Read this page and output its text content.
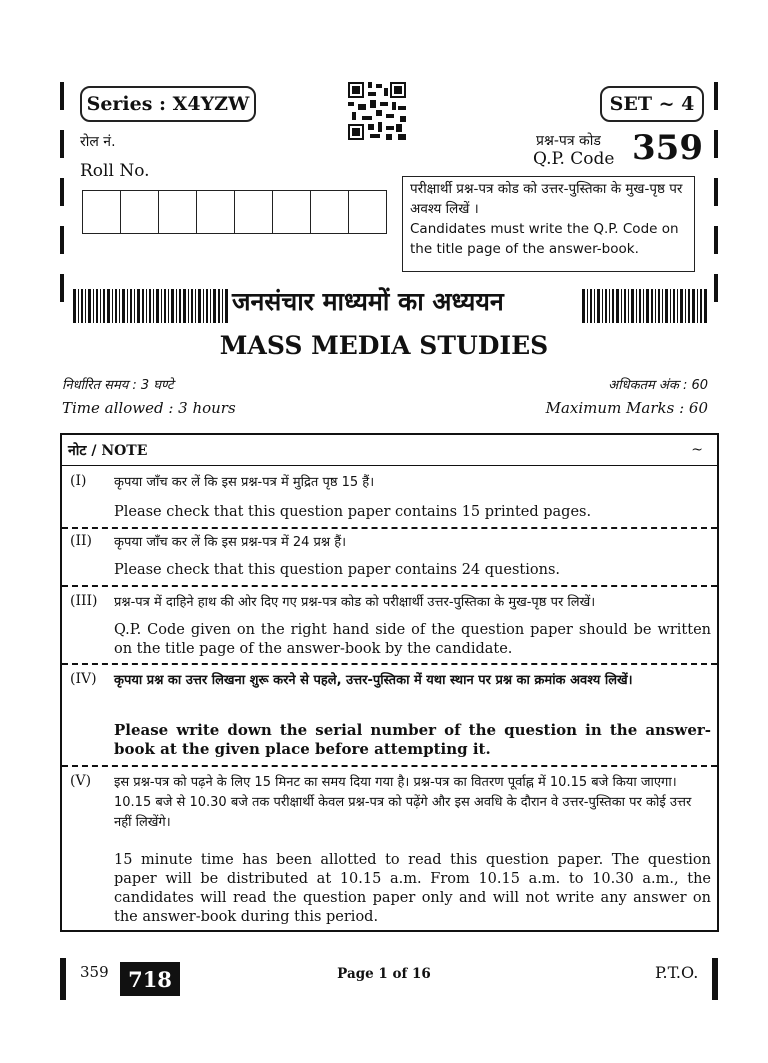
Series : X4YZW	SET ~ 4
रोल नं.
Roll No.
प्रश्न-पत्र कोड
Q.P. Code 359
परीक्षार्थी प्रश्न-पत्र कोड को उत्तर-पुस्तिका के मुख-पृष्ठ पर अवश्य लिखें ।
Candidates must write the Q.P. Code on the title page of the answer-book.
जनसंचार माध्यमों का अध्ययन
MASS MEDIA STUDIES
निर्धारित समय : 3 घण्टे	अधिकतम अंक : 60
Time allowed : 3 hours	Maximum Marks : 60
नोट / NOTE	~
(I) कृपया जाँच कर लें कि इस प्रश्न-पत्र में मुद्रित पृष्ठ 15 हैं।
Please check that this question paper contains 15 printed pages.
(II) कृपया जाँच कर लें कि इस प्रश्न-पत्र में 24 प्रश्न हैं।
Please check that this question paper contains 24 questions.
(III) प्रश्न-पत्र में दाहिने हाथ की ओर दिए गए प्रश्न-पत्र कोड को परीक्षार्थी उत्तर-पुस्तिका के मुख-पृष्ठ पर लिखें।
Q.P. Code given on the right hand side of the question paper should be written on the title page of the answer-book by the candidate.
(IV) कृपया प्रश्न का उत्तर लिखना शुरू करने से पहले, उत्तर-पुस्तिका में यथा स्थान पर प्रश्न का क्रमांक अवश्य लिखें।
Please write down the serial number of the question in the answer-book at the given place before attempting it.
(V) इस प्रश्न-पत्र को पढ़ने के लिए 15 मिनट का समय दिया गया है। प्रश्न-पत्र का वितरण पूर्वाह्न में 10.15 बजे किया जाएगा। 10.15 बजे से 10.30 बजे तक परीक्षार्थी केवल प्रश्न-पत्र को पढ़ेंगे और इस अवधि के दौरान वे उत्तर-पुस्तिका पर कोई उत्तर नहीं लिखेंगे।
15 minute time has been allotted to read this question paper. The question paper will be distributed at 10.15 a.m. From 10.15 a.m. to 10.30 a.m., the candidates will read the question paper only and will not write any answer on the answer-book during this period.
359 718	Page 1 of 16	P.T.O.
